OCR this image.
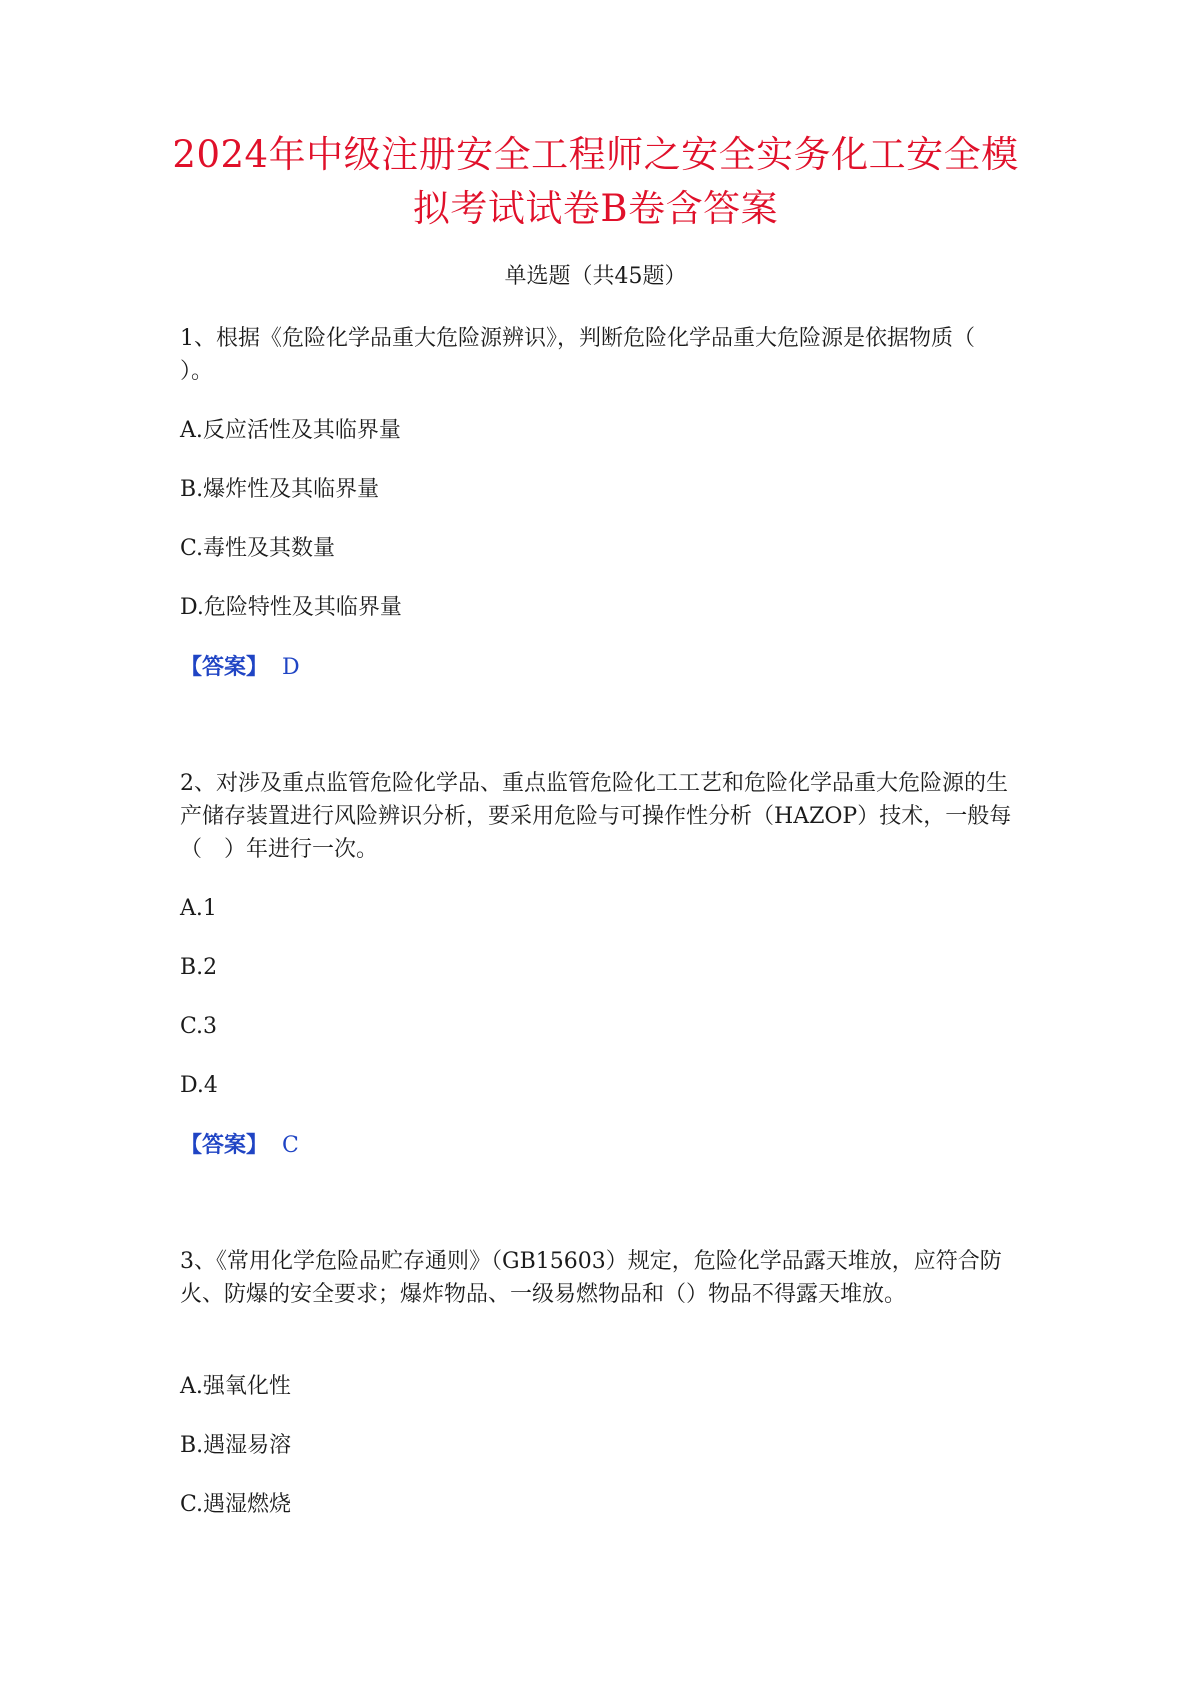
2024年中级注册安全工程师之安全实务化工安全模
拟考试试卷B卷含答案
单选题（共45题）

1、根据《危险化学品重大危险源辨识》，判断危险化学品重大危险源是依据物质（　　）。

A.反应活性及其临界量
B.爆炸性及其临界量
C.毒性及其数量
D.危险特性及其临界量
【答案】 D

2、对涉及重点监管危险化学品、重点监管危险化工工艺和危险化学品重大危险源的生产储存装置进行风险辨识分析，要采用危险与可操作性分析（HAZOP）技术，一般每（　）年进行一次。

A.1
B.2
C.3
D.4
【答案】 C

3、《常用化学危险品贮存通则》（GB15603）规定，危险化学品露天堆放，应符合防火、防爆的安全要求；爆炸物品、一级易燃物品和（）物品不得露天堆放。

A.强氧化性
B.遇湿易溶
C.遇湿燃烧
